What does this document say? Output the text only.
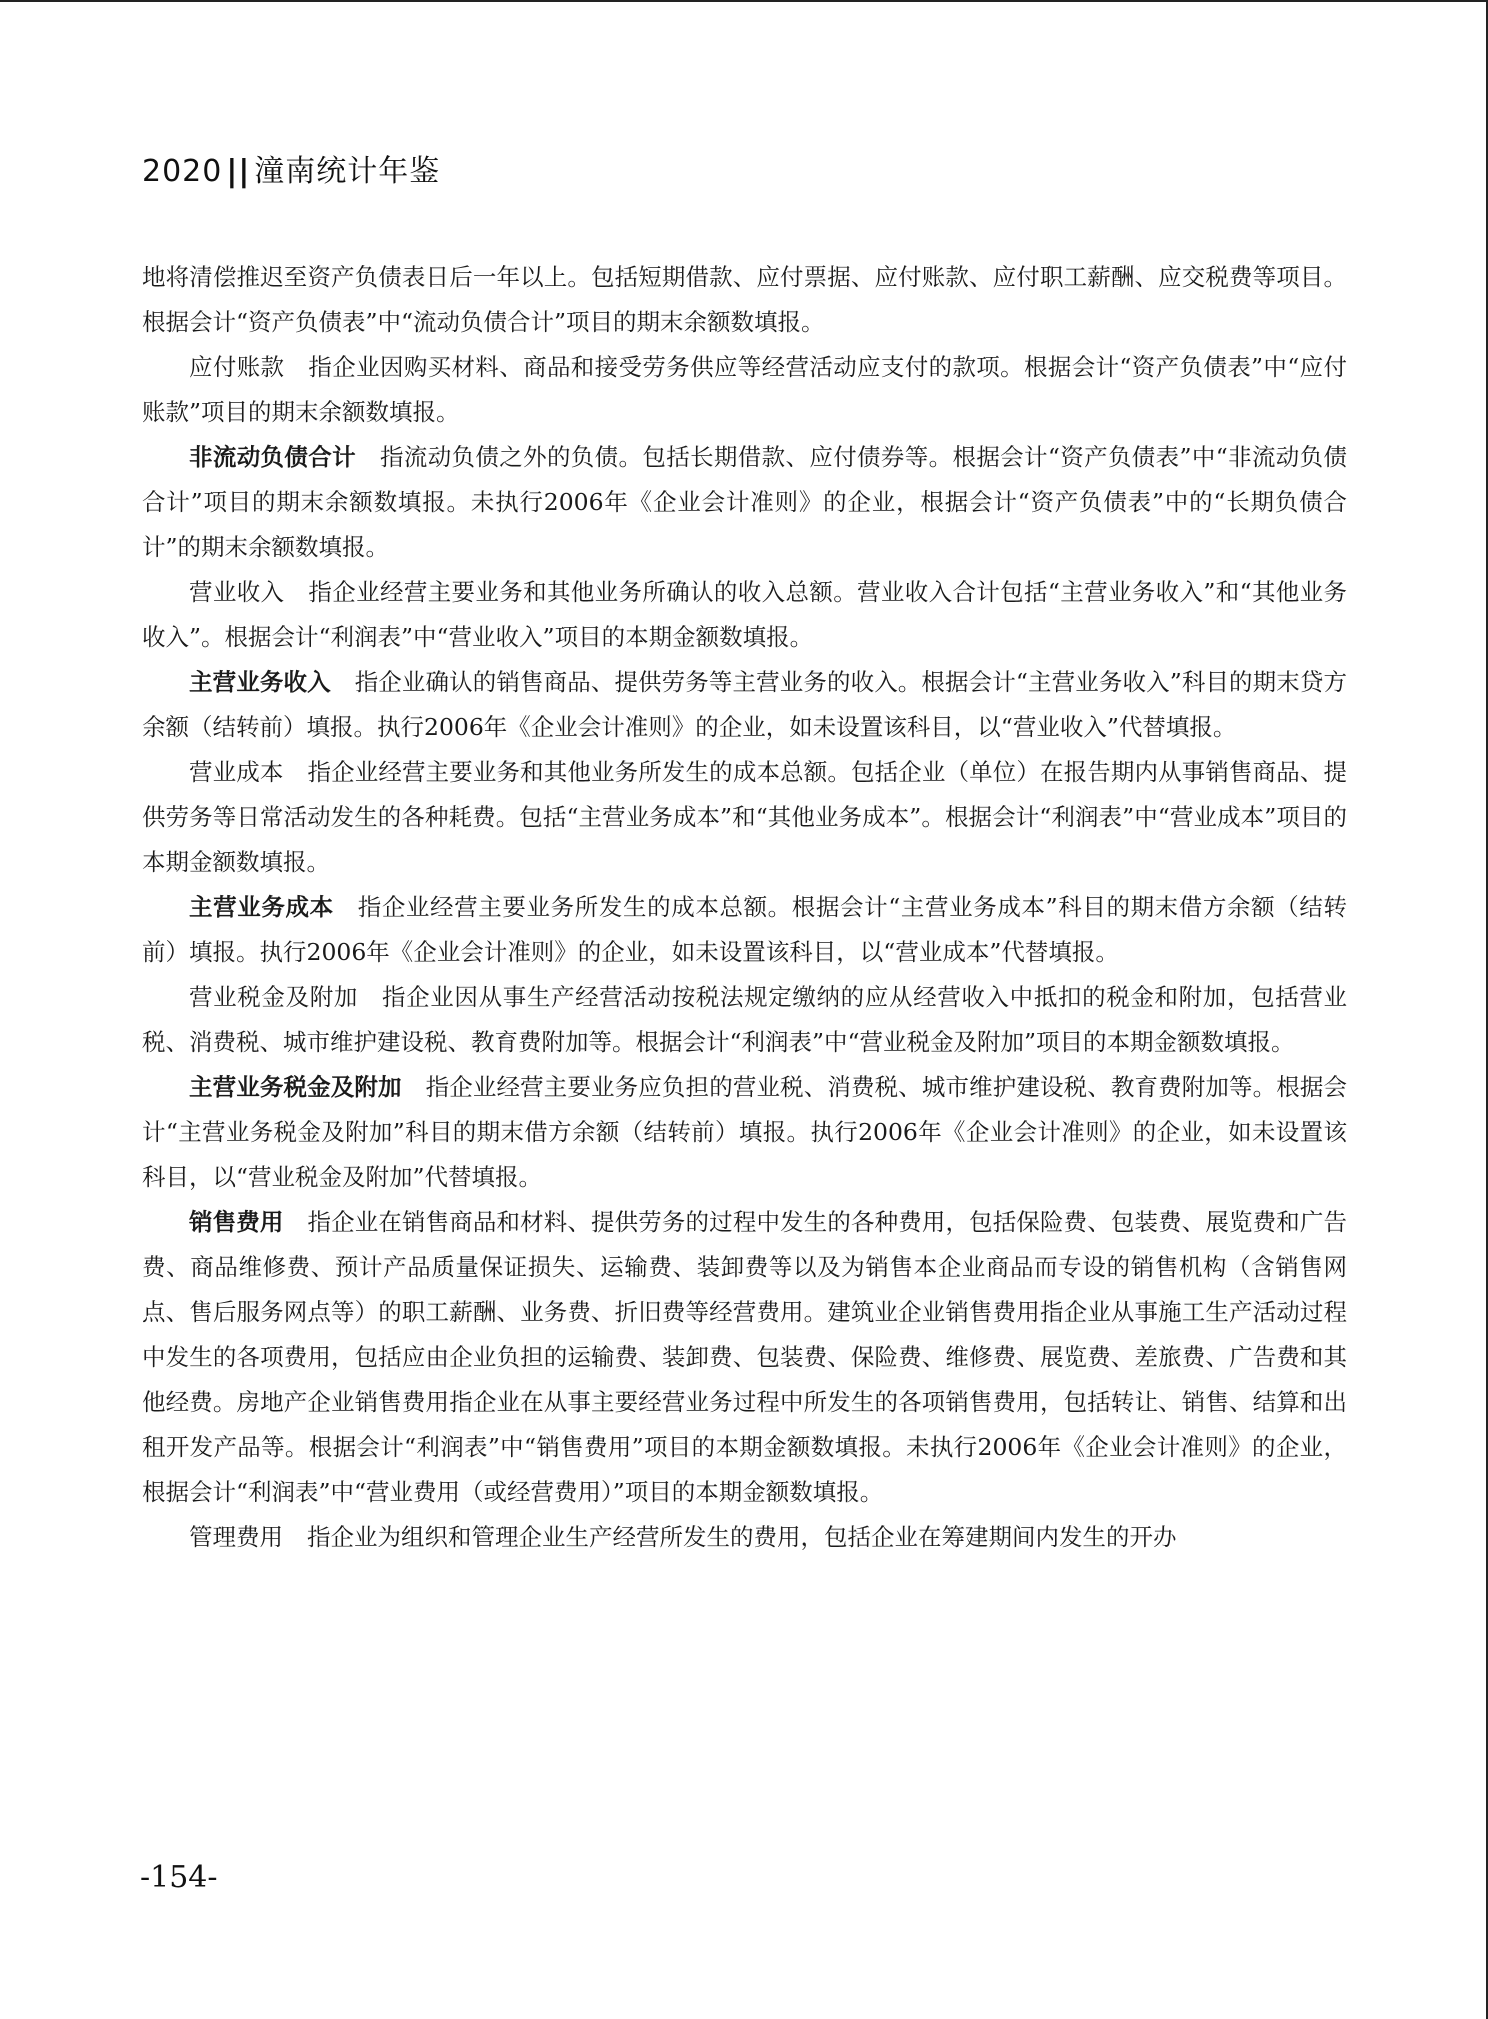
2020 || 潼南统计年鉴

地将清偿推迟至资产负债表日后一年以上。包括短期借款、应付票据、应付账款、应付职工薪酬、应交税费等项目。根据会计“资产负债表”中“流动负债合计”项目的期末余额数填报。

应付账款 指企业因购买材料、商品和接受劳务供应等经营活动应支付的款项。根据会计“资产负债表”中“应付账款”项目的期末余额数填报。

非流动负债合计 指流动负债之外的负债。包括长期借款、应付债券等。根据会计“资产负债表”中“非流动负债合计”项目的期末余额数填报。未执行2006年《企业会计准则》的企业，根据会计“资产负债表”中的“长期负债合计”的期末余额数填报。

营业收入 指企业经营主要业务和其他业务所确认的收入总额。营业收入合计包括“主营业务收入”和“其他业务收入”。根据会计“利润表”中“营业收入”项目的本期金额数填报。

主营业务收入 指企业确认的销售商品、提供劳务等主营业务的收入。根据会计“主营业务收入”科目的期末贷方余额（结转前）填报。执行2006年《企业会计准则》的企业，如未设置该科目，以“营业收入”代替填报。

营业成本 指企业经营主要业务和其他业务所发生的成本总额。包括企业（单位）在报告期内从事销售商品、提供劳务等日常活动发生的各种耗费。包括“主营业务成本”和“其他业务成本”。根据会计“利润表”中“营业成本”项目的本期金额数填报。

主营业务成本 指企业经营主要业务所发生的成本总额。根据会计“主营业务成本”科目的期末借方余额（结转前）填报。执行2006年《企业会计准则》的企业，如未设置该科目，以“营业成本”代替填报。

营业税金及附加 指企业因从事生产经营活动按税法规定缴纳的应从经营收入中抵扣的税金和附加，包括营业税、消费税、城市维护建设税、教育费附加等。根据会计“利润表”中“营业税金及附加”项目的本期金额数填报。

主营业务税金及附加 指企业经营主要业务应负担的营业税、消费税、城市维护建设税、教育费附加等。根据会计“主营业务税金及附加”科目的期末借方余额（结转前）填报。执行2006年《企业会计准则》的企业，如未设置该科目，以“营业税金及附加”代替填报。

销售费用 指企业在销售商品和材料、提供劳务的过程中发生的各种费用，包括保险费、包装费、展览费和广告费、商品维修费、预计产品质量保证损失、运输费、装卸费等以及为销售本企业商品而专设的销售机构（含销售网点、售后服务网点等）的职工薪酬、业务费、折旧费等经营费用。建筑业企业销售费用指企业从事施工生产活动过程中发生的各项费用，包括应由企业负担的运输费、装卸费、包装费、保险费、维修费、展览费、差旅费、广告费和其他经费。房地产企业销售费用指企业在从事主要经营业务过程中所发生的各项销售费用，包括转让、销售、结算和出租开发产品等。根据会计“利润表”中“销售费用”项目的本期金额数填报。未执行2006年《企业会计准则》的企业，根据会计“利润表”中“营业费用（或经营费用）”项目的本期金额数填报。

管理费用 指企业为组织和管理企业生产经营所发生的费用，包括企业在筹建期间内发生的开办

-154-
